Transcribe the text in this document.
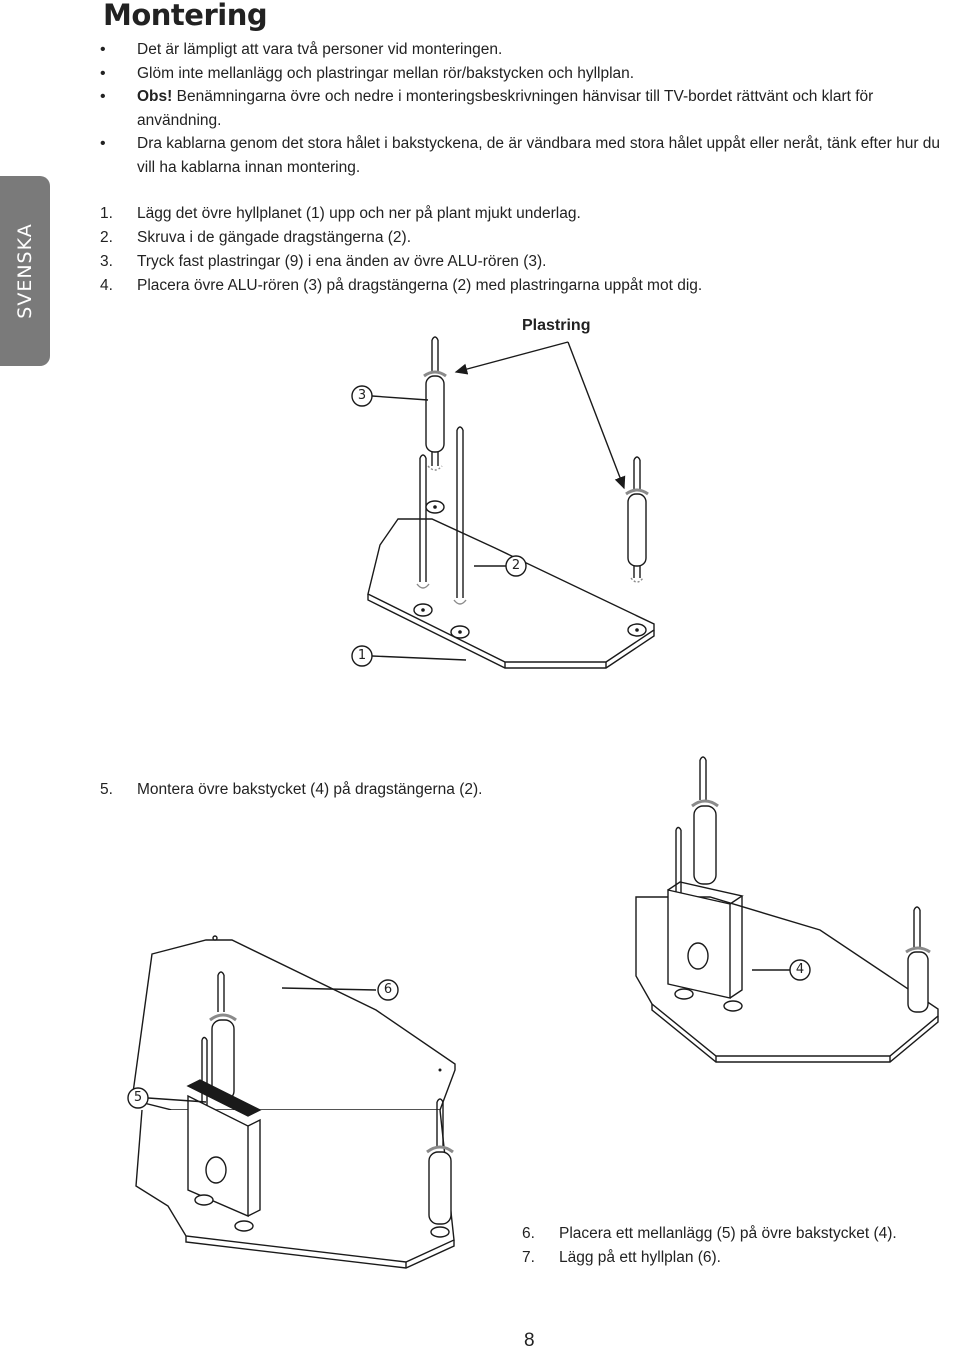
Montering
SVENSKA
• Det är lämpligt att vara två personer vid monteringen.
• Glöm inte mellanlägg och plastringar mellan rör/bakstycken och hyllplan.
• Obs! Benämningarna övre och nedre i monteringsbeskrivningen hänvisar till TV-bordet rättvänt och klart för användning.
• Dra kablarna genom det stora hålet i bakstyckena, de är vändbara med stora hålet uppåt eller neråt, tänk efter hur du vill ha kablarna innan montering.
1. Lägg det övre hyllplanet (1) upp och ner på plant mjukt underlag.
2. Skruva i de gängade dragstängerna (2).
3. Tryck fast plastringar (9) i ena änden av övre ALU-rören (3).
4. Placera övre ALU-rören (3) på dragstängerna (2) med plastringarna uppåt mot dig.
5. Montera övre bakstycket (4) på dragstängerna (2).
6. Placera ett mellanlägg (5) på övre bakstycket (4).
7. Lägg på ett hyllplan (6).
Plastring
3
2
1
4
6
5
8
